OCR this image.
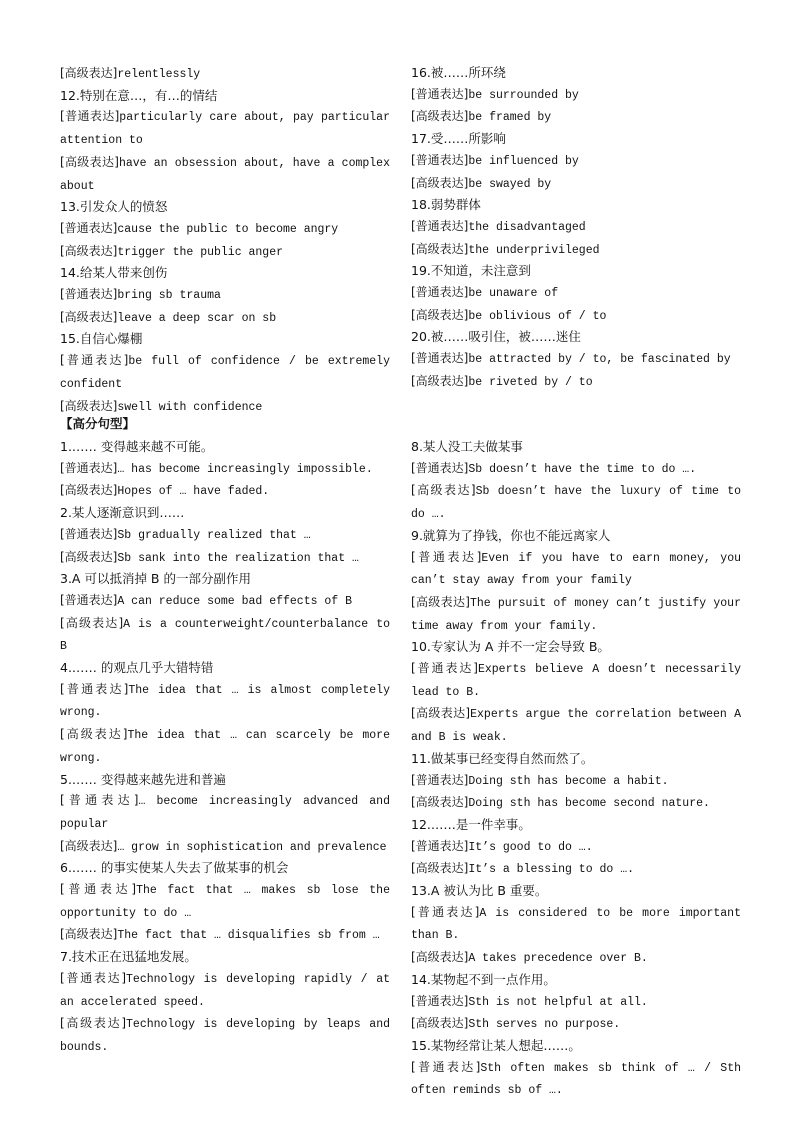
[高级表达]relentlessly
12.特别在意…，有…的情结
[普通表达]particularly care about, pay particular attention to
[高级表达]have an obsession about, have a complex about
13.引发众人的愤怒
[普通表达]cause the public to become angry
[高级表达]trigger the public anger
14.给某人带来创伤
[普通表达]bring sb trauma
[高级表达]leave a deep scar on sb
15.自信心爆棚
[普通表达]be full of confidence / be extremely confident
[高级表达]swell with confidence
16.被……所环绕
[普通表达]be surrounded by
[高级表达]be framed by
17.受……所影响
[普通表达]be influenced by
[高级表达]be swayed by
18.弱势群体
[普通表达]the disadvantaged
[高级表达]the underprivileged
19.不知道，未注意到
[普通表达]be unaware of
[高级表达]be oblivious of / to
20.被……吸引住，被……迷住
[普通表达]be attracted by / to, be fascinated by
[高级表达]be riveted by / to
【高分句型】
1.…… 变得越来越不可能。
[普通表达]… has become increasingly impossible.
[高级表达]Hopes of … have faded.
2.某人逐渐意识到……
[普通表达]Sb gradually realized that …
[高级表达]Sb sank into the realization that …
3.A 可以抵消掉 B 的一部分副作用
[普通表达]A can reduce some bad effects of B
[高级表达]A is a counterweight/counterbalance to B
4.…… 的观点几乎大错特错
[普通表达]The idea that … is almost completely wrong.
[高级表达]The idea that … can scarcely be more wrong.
5.…… 变得越来越先进和普遍
[普通表达]… become increasingly advanced and popular
[高级表达]… grow in sophistication and prevalence
6.…… 的事实使某人失去了做某事的机会
[普通表达]The fact that … makes sb lose the opportunity to do …
[高级表达]The fact that … disqualifies sb from …
7.技术正在迅猛地发展。
[普通表达]Technology is developing rapidly / at an accelerated speed.
[高级表达]Technology is developing by leaps and bounds.
8.某人没工夫做某事
[普通表达]Sb doesn’t have the time to do ….
[高级表达]Sb doesn’t have the luxury of time to do ….
9.就算为了挣钱，你也不能远离家人
[普通表达]Even if you have to earn money, you can’t stay away from your family
[高级表达]The pursuit of money can’t justify your time away from your family.
10.专家认为 A 并不一定会导致 B。
[普通表达]Experts believe A doesn’t necessarily lead to B.
[高级表达]Experts argue the correlation between A and B is weak.
11.做某事已经变得自然而然了。
[普通表达]Doing sth has become a habit.
[高级表达]Doing sth has become second nature.
12.……是一件幸事。
[普通表达]It’s good to do ….
[高级表达]It’s a blessing to do ….
13.A 被认为比 B 重要。
[普通表达]A is considered to be more important than B.
[高级表达]A takes precedence over B.
14.某物起不到一点作用。
[普通表达]Sth is not helpful at all.
[高级表达]Sth serves no purpose.
15.某物经常让某人想起……。
[普通表达]Sth often makes sb think of … / Sth often reminds sb of ….
